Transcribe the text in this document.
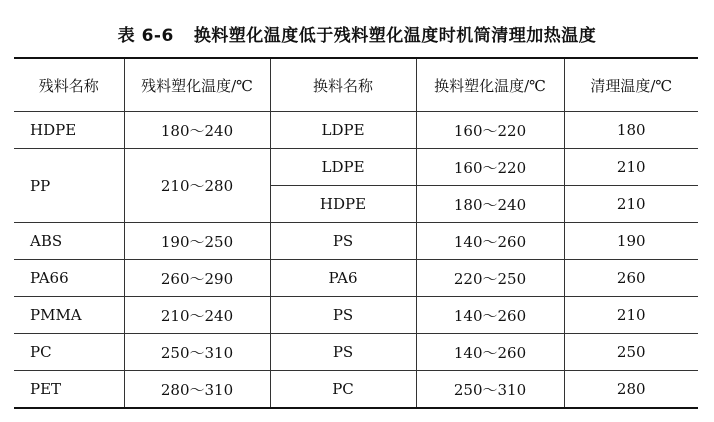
表 6-6 换料塑化温度低于残料塑化温度时机筒清理加热温度
残料名称	残料塑化温度/℃	换料名称	换料塑化温度/℃	清理温度/℃
HDPE	180～240	LDPE	160～220	180
PP	210～280	LDPE	160～220	210
		HDPE	180～240	210
ABS	190～250	PS	140～260	190
PA66	260～290	PA6	220～250	260
PMMA	210～240	PS	140～260	210
PC	250～310	PS	140～260	250
PET	280～310	PC	250～310	280
